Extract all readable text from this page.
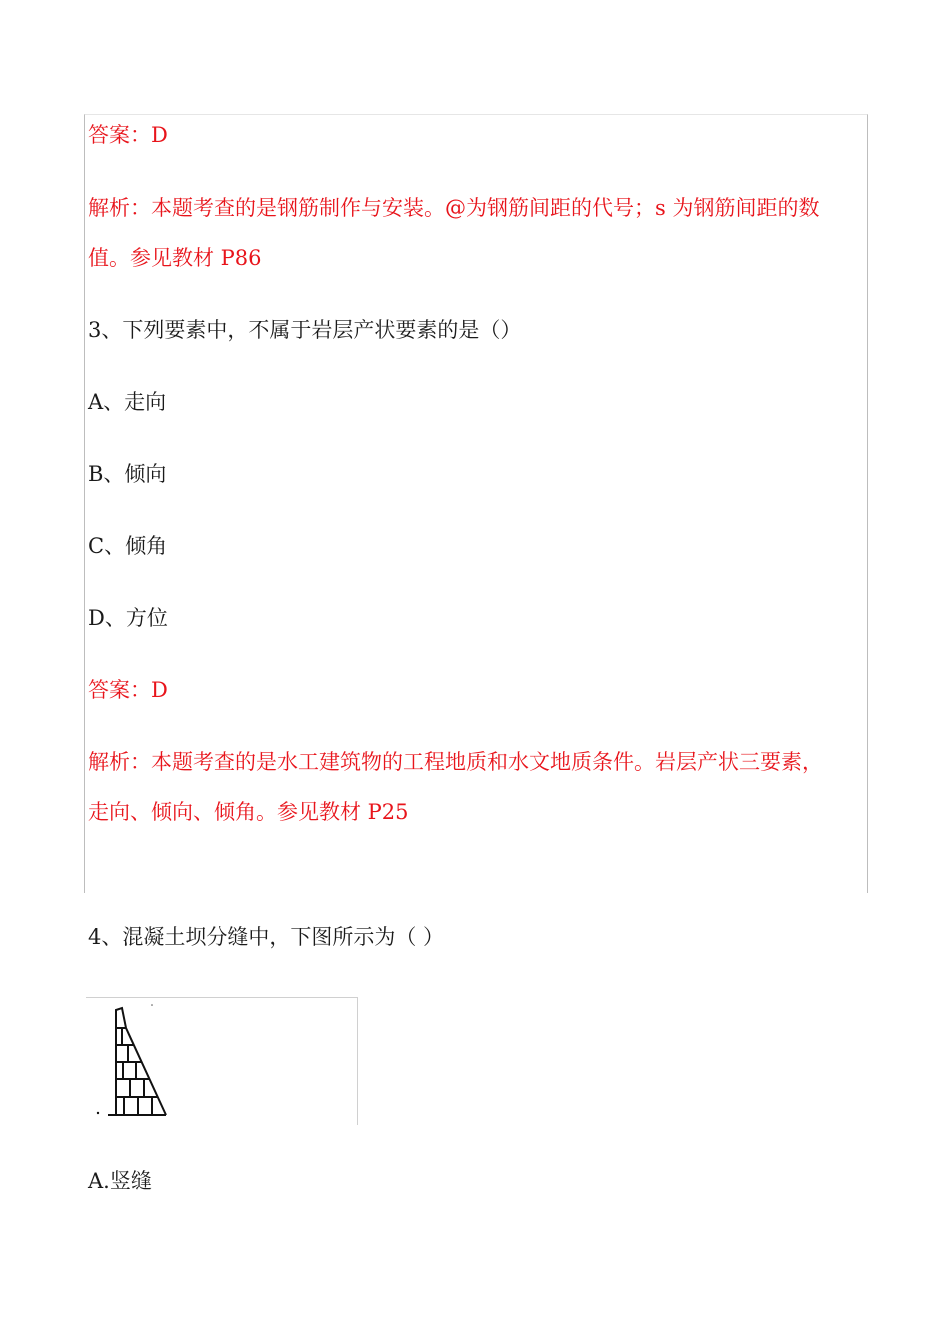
答案：D
解析：本题考查的是钢筋制作与安装。@为钢筋间距的代号；s 为钢筋间距的数
值。参见教材 P86
3、下列要素中，不属于岩层产状要素的是（）
A、走向
B、倾向
C、倾角
D、方位
答案：D
解析：本题考查的是水工建筑物的工程地质和水文地质条件。岩层产状三要素，
走向、倾向、倾角。参见教材 P25
4、混凝土坝分缝中，下图所示为（ ）
A.竖缝
